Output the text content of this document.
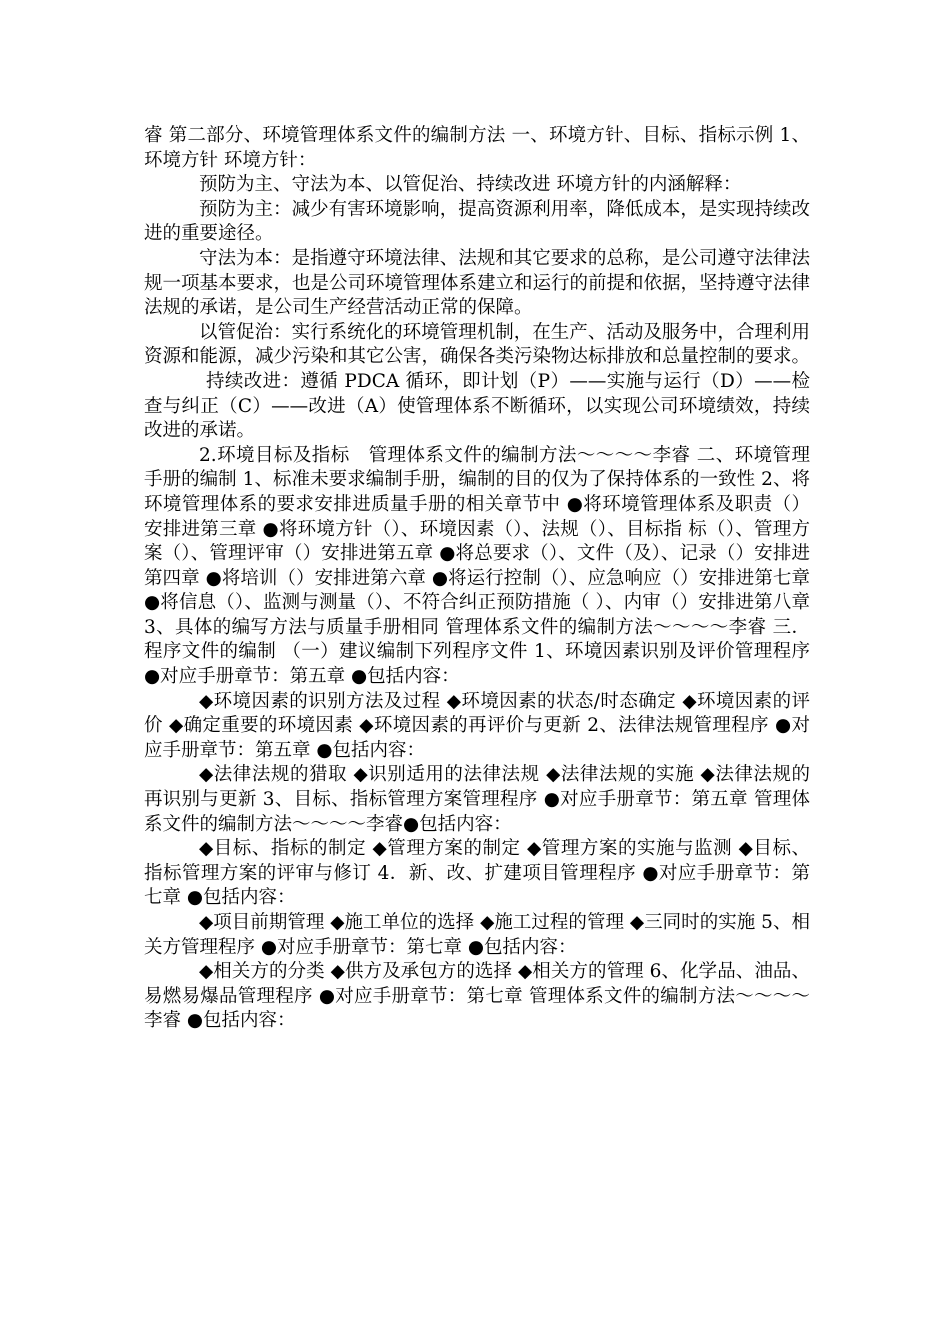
睿 第二部分、环境管理体系文件的编制方法 一、环境方针、目标、指标示例 1、环境方针 环境方针：

预防为主、守法为本、以管促治、持续改进 环境方针的内涵解释：

预防为主：减少有害环境影响，提高资源利用率，降低成本，是实现持续改进的重要途径。

守法为本：是指遵守环境法律、法规和其它要求的总称，是公司遵守法律法规一项基本要求，也是公司环境管理体系建立和运行的前提和依据，坚持遵守法律法规的承诺，是公司生产经营活动正常的保障。

以管促治：实行系统化的环境管理机制，在生产、活动及服务中，合理利用资源和能源，减少污染和其它公害，确保各类污染物达标排放和总量控制的要求。

持续改进：遵循 PDCA 循环，即计划（P）——实施与运行（D）——检查与纠正（C）——改进（A）使管理体系不断循环，以实现公司环境绩效，持续改进的承诺。

2.环境目标及指标　管理体系文件的编制方法～～～～李睿 二、环境管理手册的编制 1、标准未要求编制手册，编制的目的仅为了保持体系的一致性 2、将环境管理体系的要求安排进质量手册的相关章节中 ●将环境管理体系及职责（）安排进第三章 ●将环境方针（）、环境因素（）、法规（）、目标指 标（）、管理方案（）、管理评审（）安排进第五章 ●将总要求（）、文件（及）、记录（）安排进 第四章 ●将培训（）安排进第六章 ●将运行控制（）、应急响应（）安排进第七章 ●将信息（）、监测与测量（）、不符合纠正预防措施（ ）、内审（）安排进第八章 3、具体的编写方法与质量手册相同 管理体系文件的编制方法～～～～李睿 三．程序文件的编制 （一）建议编制下列程序文件 1、环境因素识别及评价管理程序 ●对应手册章节：第五章 ●包括内容：

◆环境因素的识别方法及过程 ◆环境因素的状态/时态确定 ◆环境因素的评价 ◆确定重要的环境因素 ◆环境因素的再评价与更新 2、法律法规管理程序 ●对应手册章节：第五章 ●包括内容：

◆法律法规的猎取 ◆识别适用的法律法规 ◆法律法规的实施 ◆法律法规的再识别与更新 3、目标、指标管理方案管理程序 ●对应手册章节：第五章 管理体系文件的编制方法～～～～李睿●包括内容：

◆目标、指标的制定 ◆管理方案的制定 ◆管理方案的实施与监测 ◆目标、指标管理方案的评审与修订 4．新、改、扩建项目管理程序 ●对应手册章节：第七章 ●包括内容：

◆项目前期管理 ◆施工单位的选择 ◆施工过程的管理 ◆三同时的实施 5、相关方管理程序 ●对应手册章节：第七章 ●包括内容：

◆相关方的分类 ◆供方及承包方的选择 ◆相关方的管理 6、化学品、油品、易燃易爆品管理程序 ●对应手册章节：第七章 管理体系文件的编制方法～～～～李睿 ●包括内容：
